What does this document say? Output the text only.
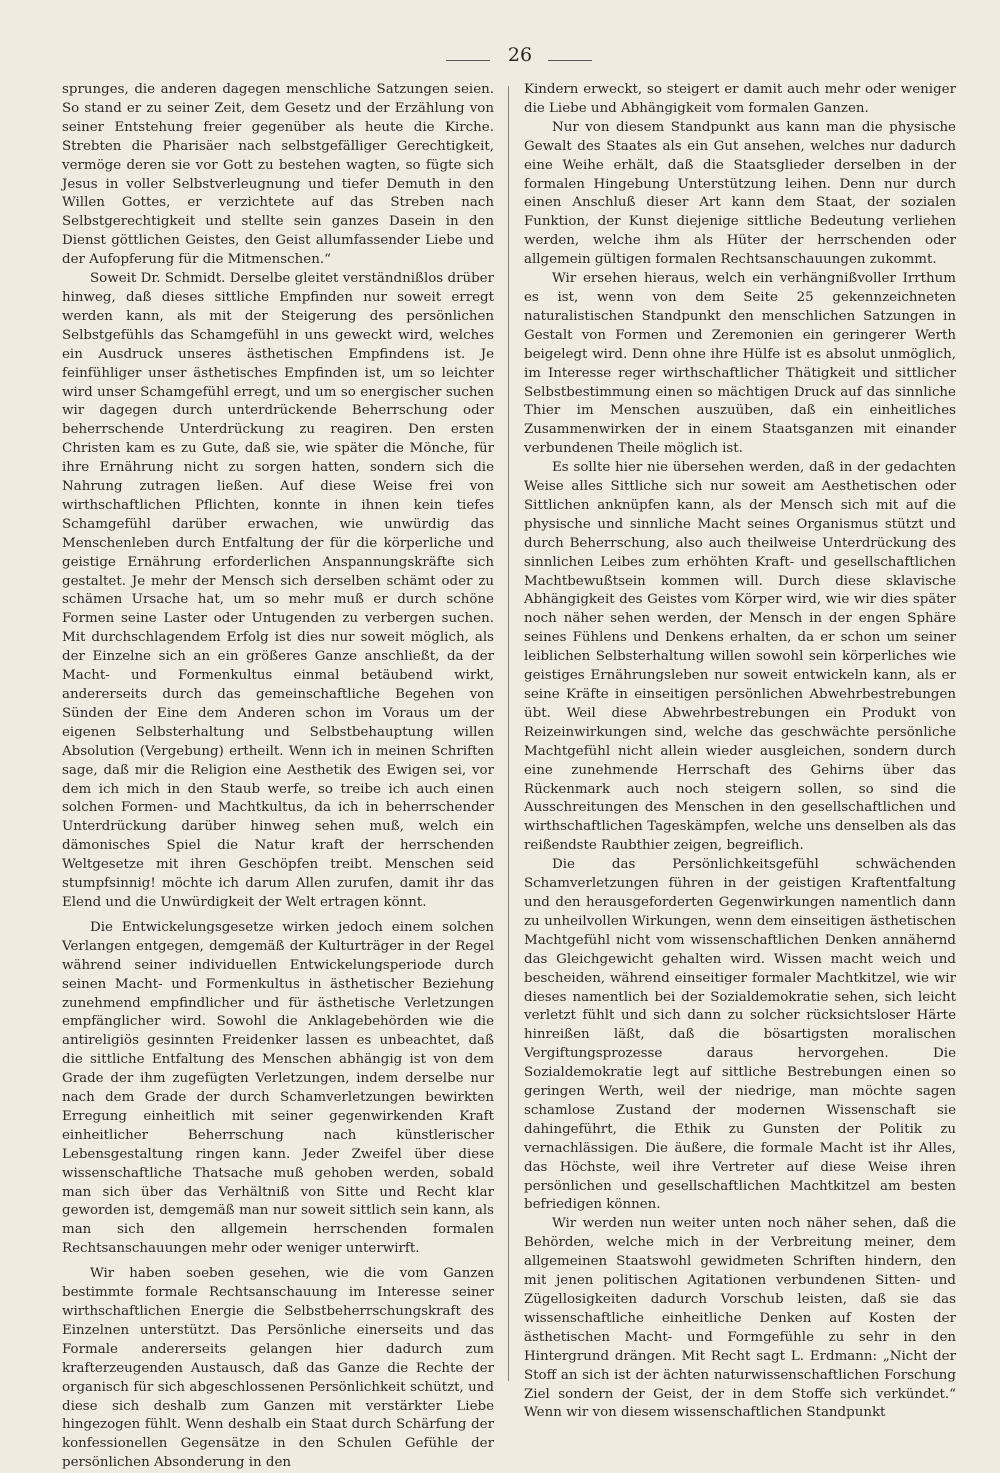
26

sprunges, die anderen dagegen menschliche Satzungen seien. So stand er zu seiner Zeit, dem Gesetz und der Erzählung von seiner Entstehung freier gegenüber als heute die Kirche. Strebten die Pharisäer nach selbstgefälliger Gerechtigkeit, vermöge deren sie vor Gott zu bestehen wagten, so fügte sich Jesus in voller Selbstverleugnung und tiefer Demuth in den Willen Gottes, er verzichtete auf das Streben nach Selbstgerechtigkeit und stellte sein ganzes Dasein in den Dienst göttlichen Geistes, den Geist allumfassender Liebe und der Aufopferung für die Mitmenschen.“

Soweit Dr. Schmidt. Derselbe gleitet verständnißlos drüber hinweg, daß dieses sittliche Empfinden nur soweit erregt werden kann, als mit der Steigerung des persönlichen Selbstgefühls das Schamgefühl in uns geweckt wird, welches ein Ausdruck unseres ästhetischen Empfindens ist. Je feinfühliger unser ästhetisches Empfinden ist, um so leichter wird unser Schamgefühl erregt, und um so energischer suchen wir dagegen durch unterdrückende Beherrschung oder beherrschende Unterdrückung zu reagiren. Den ersten Christen kam es zu Gute, daß sie, wie später die Mönche, für ihre Ernährung nicht zu sorgen hatten, sondern sich die Nahrung zutragen ließen. Auf diese Weise frei von wirthschaftlichen Pflichten, konnte in ihnen kein tiefes Schamgefühl darüber erwachen, wie unwürdig das Menschenleben durch Entfaltung der für die körperliche und geistige Ernährung erforderlichen Anspannungskräfte sich gestaltet. Je mehr der Mensch sich derselben schämt oder zu schämen Ursache hat, um so mehr muß er durch schöne Formen seine Laster oder Untugenden zu verbergen suchen. Mit durchschlagendem Erfolg ist dies nur soweit möglich, als der Einzelne sich an ein größeres Ganze anschließt, da der Macht- und Formenkultus einmal betäubend wirkt, andererseits durch das gemeinschaftliche Begehen von Sünden der Eine dem Anderen schon im Voraus um der eigenen Selbsterhaltung und Selbstbehauptung willen Absolution (Vergebung) ertheilt. Wenn ich in meinen Schriften sage, daß mir die Religion eine Aesthetik des Ewigen sei, vor dem ich mich in den Staub werfe, so treibe ich auch einen solchen Formen- und Machtkultus, da ich in beherrschender Unterdrückung darüber hinweg sehen muß, welch ein dämonisches Spiel die Natur kraft der herrschenden Weltgesetze mit ihren Geschöpfen treibt. Menschen seid stumpfsinnig! möchte ich darum Allen zurufen, damit ihr das Elend und die Unwürdigkeit der Welt ertragen könnt.

Die Entwickelungsgesetze wirken jedoch einem solchen Verlangen entgegen, demgemäß der Kulturträger in der Regel während seiner individuellen Entwickelungsperiode durch seinen Macht- und Formenkultus in ästhetischer Beziehung zunehmend empfindlicher und für ästhetische Verletzungen empfänglicher wird. Sowohl die Anklagebehörden wie die antireligiös gesinnten Freidenker lassen es unbeachtet, daß die sittliche Entfaltung des Menschen abhängig ist von dem Grade der ihm zugefügten Verletzungen, indem derselbe nur nach dem Grade der durch Schamverletzungen bewirkten Erregung einheitlich mit seiner gegenwirkenden Kraft einheitlicher Beherrschung nach künstlerischer Lebensgestaltung ringen kann. Jeder Zweifel über diese wissenschaftliche Thatsache muß gehoben werden, sobald man sich über das Verhältniß von Sitte und Recht klar geworden ist, demgemäß man nur soweit sittlich sein kann, als man sich den allgemein herrschenden formalen Rechtsanschauungen mehr oder weniger unterwirft.

Wir haben soeben gesehen, wie die vom Ganzen bestimmte formale Rechtsanschauung im Interesse seiner wirthschaftlichen Energie die Selbstbeherrschungskraft des Einzelnen unterstützt. Das Persönliche einerseits und das Formale andererseits gelangen hier dadurch zum krafterzeugenden Austausch, daß das Ganze die Rechte der organisch für sich abgeschlossenen Persönlichkeit schützt, und diese sich deshalb zum Ganzen mit verstärkter Liebe hingezogen fühlt. Wenn deshalb ein Staat durch Schärfung der konfessionellen Gegensätze in den Schulen Gefühle der persönlichen Absonderung in den

Kindern erweckt, so steigert er damit auch mehr oder weniger die Liebe und Abhängigkeit vom formalen Ganzen.

Nur von diesem Standpunkt aus kann man die physische Gewalt des Staates als ein Gut ansehen, welches nur dadurch eine Weihe erhält, daß die Staatsglieder derselben in der formalen Hingebung Unterstützung leihen. Denn nur durch einen Anschluß dieser Art kann dem Staat, der sozialen Funktion, der Kunst diejenige sittliche Bedeutung verliehen werden, welche ihm als Hüter der herrschenden oder allgemein gültigen formalen Rechtsanschauungen zukommt.

Wir ersehen hieraus, welch ein verhängnißvoller Irrthum es ist, wenn von dem Seite 25 gekennzeichneten naturalistischen Standpunkt den menschlichen Satzungen in Gestalt von Formen und Zeremonien ein geringerer Werth beigelegt wird. Denn ohne ihre Hülfe ist es absolut unmöglich, im Interesse reger wirthschaftlicher Thätigkeit und sittlicher Selbstbestimmung einen so mächtigen Druck auf das sinnliche Thier im Menschen auszuüben, daß ein einheitliches Zusammenwirken der in einem Staatsganzen mit einander verbundenen Theile möglich ist.

Es sollte hier nie übersehen werden, daß in der gedachten Weise alles Sittliche sich nur soweit am Aesthetischen oder Sittlichen anknüpfen kann, als der Mensch sich mit auf die physische und sinnliche Macht seines Organismus stützt und durch Beherrschung, also auch theilweise Unterdrückung des sinnlichen Leibes zum erhöhten Kraft- und gesellschaftlichen Machtbewußtsein kommen will. Durch diese sklavische Abhängigkeit des Geistes vom Körper wird, wie wir dies später noch näher sehen werden, der Mensch in der engen Sphäre seines Fühlens und Denkens erhalten, da er schon um seiner leiblichen Selbsterhaltung willen sowohl sein körperliches wie geistiges Ernährungsleben nur soweit entwickeln kann, als er seine Kräfte in einseitigen persönlichen Abwehrbestrebungen übt. Weil diese Abwehrbestrebungen ein Produkt von Reizeinwirkungen sind, welche das geschwächte persönliche Machtgefühl nicht allein wieder ausgleichen, sondern durch eine zunehmende Herrschaft des Gehirns über das Rückenmark auch noch steigern sollen, so sind die Ausschreitungen des Menschen in den gesellschaftlichen und wirthschaftlichen Tageskämpfen, welche uns denselben als das reißendste Raubthier zeigen, begreiflich.

Die das Persönlichkeitsgefühl schwächenden Schamverletzungen führen in der geistigen Kraftentfaltung und den herausgeforderten Gegenwirkungen namentlich dann zu unheilvollen Wirkungen, wenn dem einseitigen ästhetischen Machtgefühl nicht vom wissenschaftlichen Denken annähernd das Gleichgewicht gehalten wird. Wissen macht weich und bescheiden, während einseitiger formaler Machtkitzel, wie wir dieses namentlich bei der Sozialdemokratie sehen, sich leicht verletzt fühlt und sich dann zu solcher rücksichtsloser Härte hinreißen läßt, daß die bösartigsten moralischen Vergiftungsprozesse daraus hervorgehen. Die Sozialdemokratie legt auf sittliche Bestrebungen einen so geringen Werth, weil der niedrige, man möchte sagen schamlose Zustand der modernen Wissenschaft sie dahingeführt, die Ethik zu Gunsten der Politik zu vernachlässigen. Die äußere, die formale Macht ist ihr Alles, das Höchste, weil ihre Vertreter auf diese Weise ihren persönlichen und gesellschaftlichen Machtkitzel am besten befriedigen können.

Wir werden nun weiter unten noch näher sehen, daß die Behörden, welche mich in der Verbreitung meiner, dem allgemeinen Staatswohl gewidmeten Schriften hindern, den mit jenen politischen Agitationen verbundenen Sitten- und Zügellosigkeiten dadurch Vorschub leisten, daß sie das wissenschaftliche einheitliche Denken auf Kosten der ästhetischen Macht- und Formgefühle zu sehr in den Hintergrund drängen. Mit Recht sagt L. Erdmann: „Nicht der Stoff an sich ist der ächten naturwissenschaftlichen Forschung Ziel sondern der Geist, der in dem Stoffe sich verkündet.“ Wenn wir von diesem wissenschaftlichen Standpunkt
